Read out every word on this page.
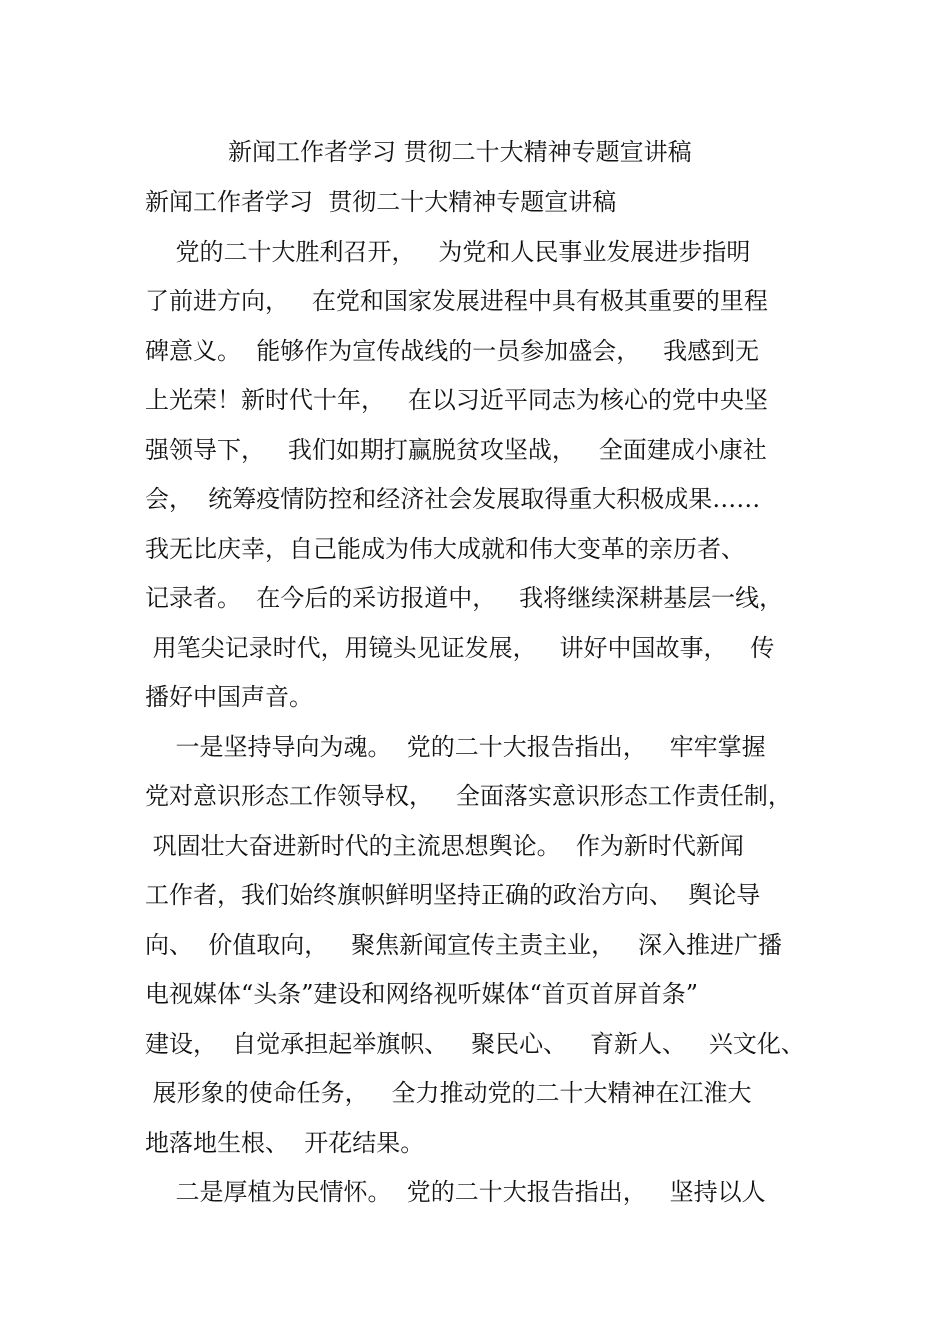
新闻工作者学习 贯彻二十大精神专题宣讲稿
新闻工作者学习  贯彻二十大精神专题宣讲稿
党的二十大胜利召开，   为党和人民事业发展进步指明
了前进方向，   在党和国家发展进程中具有极其重要的里程
碑意义。  能够作为宣传战线的一员参加盛会，   我感到无
上光荣！新时代十年，   在以习近平同志为核心的党中央坚
强领导下，   我们如期打赢脱贫攻坚战，   全面建成小康社
会，  统筹疫情防控和经济社会发展取得重大积极成果……
我无比庆幸，自己能成为伟大成就和伟大变革的亲历者、
记录者。  在今后的采访报道中，   我将继续深耕基层一线，
用笔尖记录时代，用镜头见证发展，   讲好中国故事，   传
播好中国声音。
一是坚持导向为魂。  党的二十大报告指出，   牢牢掌握
党对意识形态工作领导权，   全面落实意识形态工作责任制，
巩固壮大奋进新时代的主流思想舆论。  作为新时代新闻
工作者，我们始终旗帜鲜明坚持正确的政治方向、  舆论导
向、  价值取向，   聚焦新闻宣传主责主业，   深入推进广播
电视媒体“头条”建设和网络视听媒体“首页首屏首条”
建设，  自觉承担起举旗帜、   聚民心、   育新人、   兴文化、
展形象的使命任务，   全力推动党的二十大精神在江淮大
地落地生根、  开花结果。
二是厚植为民情怀。  党的二十大报告指出，   坚持以人
